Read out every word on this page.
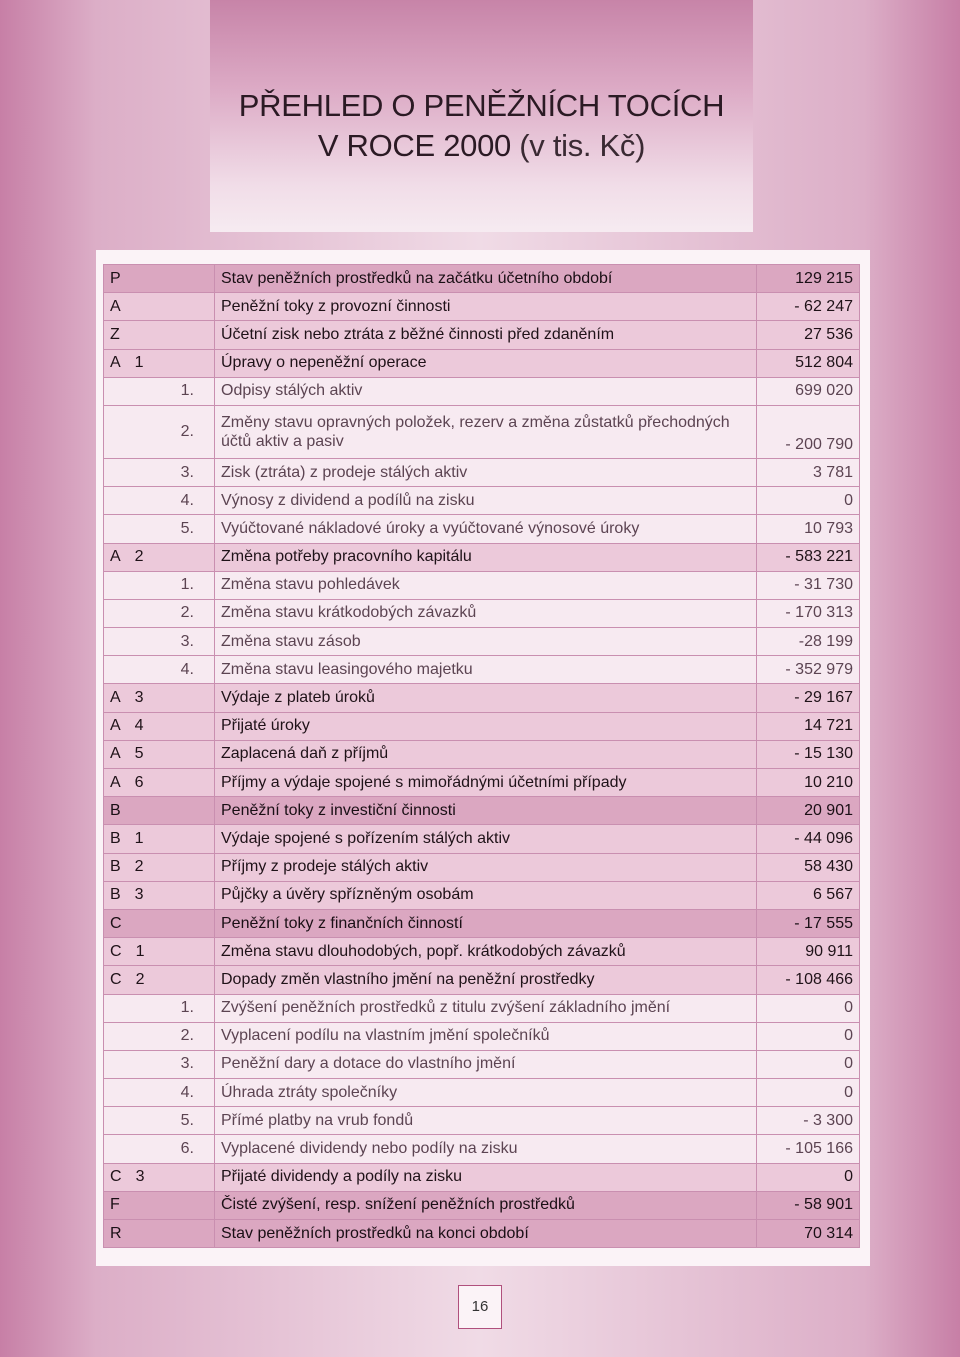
PŘEHLED O PENĚŽNÍCH TOCÍCH
V ROCE 2000 (v tis. Kč)
P	Stav peněžních prostředků na začátku účetního období	129 215
A	Peněžní toky z provozní činnosti	- 62 247
Z	Účetní zisk nebo ztráta z běžné činnosti před zdaněním	27 536
A 1	Úpravy o nepeněžní operace	512 804
1.	Odpisy stálých aktiv	699 020
2.	Změny stavu opravných položek, rezerv a změna zůstatků přechodných účtů aktiv a pasiv	- 200 790
3.	Zisk (ztráta) z prodeje stálých aktiv	3 781
4.	Výnosy z dividend a podílů na zisku	0
5.	Vyúčtované nákladové úroky a vyúčtované výnosové úroky	10 793
A 2	Změna potřeby pracovního kapitálu	- 583 221
1.	Změna stavu pohledávek	- 31 730
2.	Změna stavu krátkodobých závazků	- 170 313
3.	Změna stavu zásob	-28 199
4.	Změna stavu leasingového majetku	- 352 979
A 3	Výdaje z plateb úroků	- 29 167
A 4	Přijaté úroky	14 721
A 5	Zaplacená daň z příjmů	- 15 130
A 6	Příjmy a výdaje spojené s mimořádnými účetními případy	10 210
B	Peněžní toky z investiční činnosti	20 901
B 1	Výdaje spojené s pořízením stálých aktiv	- 44 096
B 2	Příjmy z prodeje stálých aktiv	58 430
B 3	Půjčky a úvěry spřízněným osobám	6 567
C	Peněžní toky z finančních činností	- 17 555
C 1	Změna stavu dlouhodobých, popř. krátkodobých závazků	90 911
C 2	Dopady změn vlastního jmění na peněžní prostředky	- 108 466
1.	Zvýšení peněžních prostředků z titulu zvýšení základního jmění	0
2.	Vyplacení podílu na vlastním jmění společníků	0
3.	Peněžní dary a dotace do vlastního jmění	0
4.	Úhrada ztráty společníky	0
5.	Přímé platby na vrub fondů	- 3 300
6.	Vyplacené dividendy nebo podíly na zisku	- 105 166
C 3	Přijaté dividendy a podíly na zisku	0
F	Čisté zvýšení, resp. snížení peněžních prostředků	- 58 901
R	Stav peněžních prostředků na konci období	70 314
16
